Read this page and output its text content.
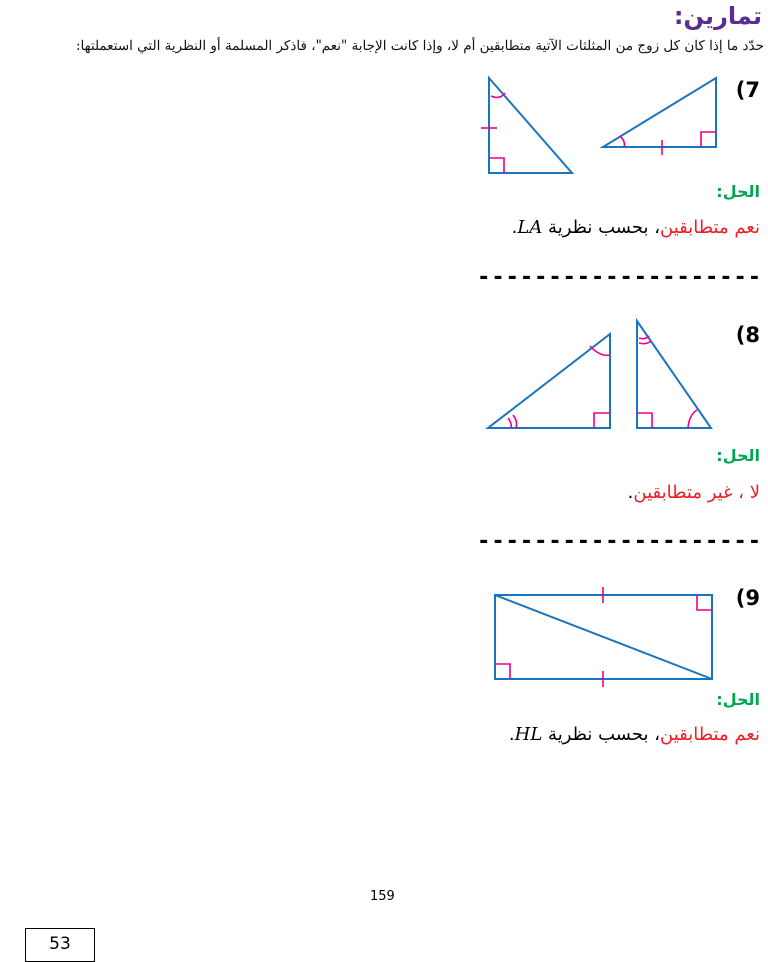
تمارين:
حدّد ما إذا كان كل زوج من المثلثات الآتية متطابقين أم لا، وإذا كانت الإجابة "نعم"، فاذكر المسلمة أو النظرية التي استعملتها:
(7
الحل:
نعم متطابقين، بحسب نظرية LA.
--------------------
(8
الحل:
لا ، غير متطابقين.
--------------------
(9
الحل:
نعم متطابقين، بحسب نظرية HL.
159
53
